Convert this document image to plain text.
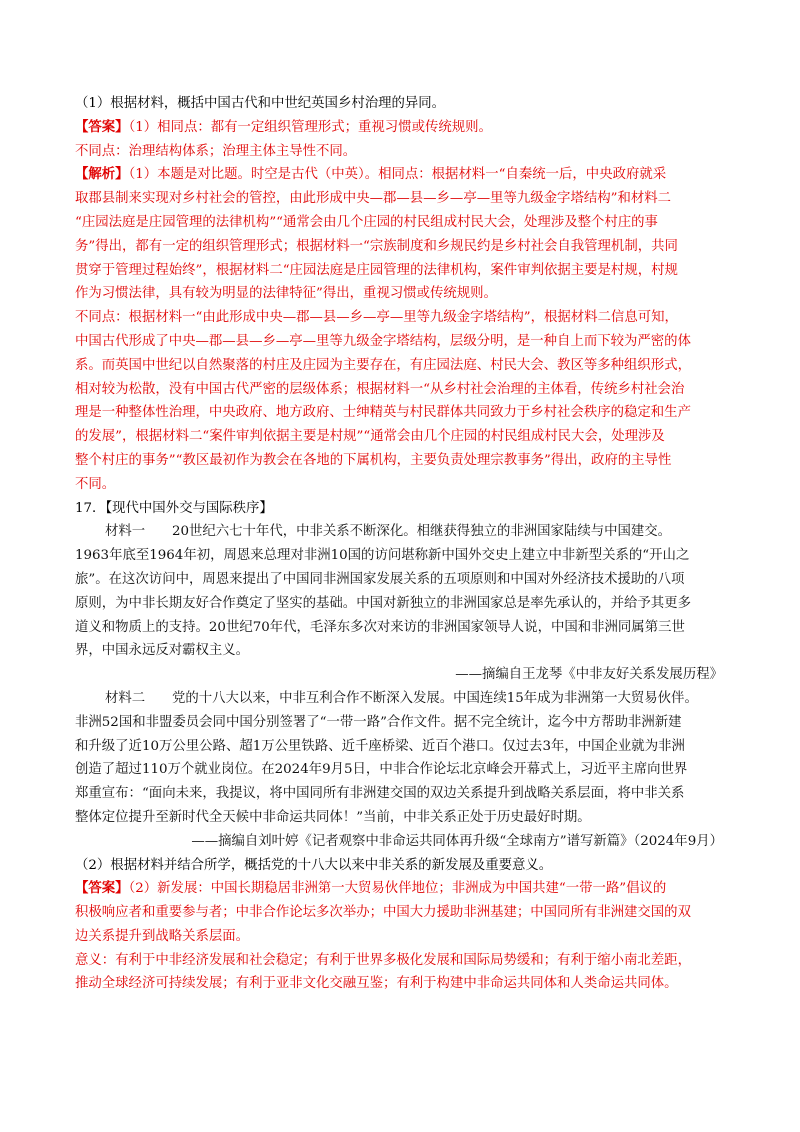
（1）根据材料，概括中国古代和中世纪英国乡村治理的异同。
【答案】（1）相同点：都有一定组织管理形式；重视习惯或传统规则。
不同点：治理结构体系；治理主体主导性不同。
【解析】（1）本题是对比题。时空是古代（中英）。相同点：根据材料一“自秦统一后，中央政府就采
取郡县制来实现对乡村社会的管控，由此形成中央—郡—县—乡—亭—里等九级金字塔结构”和材料二
“庄园法庭是庄园管理的法律机构”“通常会由几个庄园的村民组成村民大会，处理涉及整个村庄的事
务”得出，都有一定的组织管理形式；根据材料一“宗族制度和乡规民约是乡村社会自我管理机制，共同
贯穿于管理过程始终”，根据材料二“庄园法庭是庄园管理的法律机构，案件审判依据主要是村规，村规
作为习惯法律，具有较为明显的法律特征”得出，重视习惯或传统规则。
不同点：根据材料一“由此形成中央—郡—县—乡—亭—里等九级金字塔结构”，根据材料二信息可知，
中国古代形成了中央—郡—县—乡—亭—里等九级金字塔结构，层级分明，是一种自上而下较为严密的体
系。而英国中世纪以自然聚落的村庄及庄园为主要存在，有庄园法庭、村民大会、教区等多种组织形式，
相对较为松散，没有中国古代严密的层级体系；根据材料一“从乡村社会治理的主体看，传统乡村社会治
理是一种整体性治理，中央政府、地方政府、士绅精英与村民群体共同致力于乡村社会秩序的稳定和生产
的发展”，根据材料二“案件审判依据主要是村规”“通常会由几个庄园的村民组成村民大会，处理涉及
整个村庄的事务”“教区最初作为教会在各地的下属机构，主要负责处理宗教事务”得出，政府的主导性
不同。
17．【现代中国外交与国际秩序】
材料一　　20世纪六七十年代，中非关系不断深化。相继获得独立的非洲国家陆续与中国建交。
1963年底至1964年初，周恩来总理对非洲10国的访问堪称新中国外交史上建立中非新型关系的“开山之
旅”。在这次访问中，周恩来提出了中国同非洲国家发展关系的五项原则和中国对外经济技术援助的八项
原则，为中非长期友好合作奠定了坚实的基础。中国对新独立的非洲国家总是率先承认的，并给予其更多
道义和物质上的支持。20世纪70年代，毛泽东多次对来访的非洲国家领导人说，中国和非洲同属第三世
界，中国永远反对霸权主义。
——摘编自王龙琴《中非友好关系发展历程》
材料二　　党的十八大以来，中非互利合作不断深入发展。中国连续15年成为非洲第一大贸易伙伴。
非洲52国和非盟委员会同中国分别签署了“一带一路”合作文件。据不完全统计，迄今中方帮助非洲新建
和升级了近10万公里公路、超1万公里铁路、近千座桥梁、近百个港口。仅过去3年，中国企业就为非洲
创造了超过110万个就业岗位。在2024年9月5日，中非合作论坛北京峰会开幕式上，习近平主席向世界
郑重宣布：“面向未来，我提议，将中国同所有非洲建交国的双边关系提升到战略关系层面，将中非关系
整体定位提升至新时代全天候中非命运共同体！”当前，中非关系正处于历史最好时期。
——摘编自刘叶婷《记者观察中非命运共同体再升级“全球南方”谱写新篇》（2024年9月）
（2）根据材料并结合所学，概括党的十八大以来中非关系的新发展及重要意义。
【答案】（2）新发展：中国长期稳居非洲第一大贸易伙伴地位；非洲成为中国共建“一带一路”倡议的
积极响应者和重要参与者；中非合作论坛多次举办；中国大力援助非洲基建；中国同所有非洲建交国的双
边关系提升到战略关系层面。
意义：有利于中非经济发展和社会稳定；有利于世界多极化发展和国际局势缓和；有利于缩小南北差距，
推动全球经济可持续发展；有利于亚非文化交融互鉴；有利于构建中非命运共同体和人类命运共同体。
